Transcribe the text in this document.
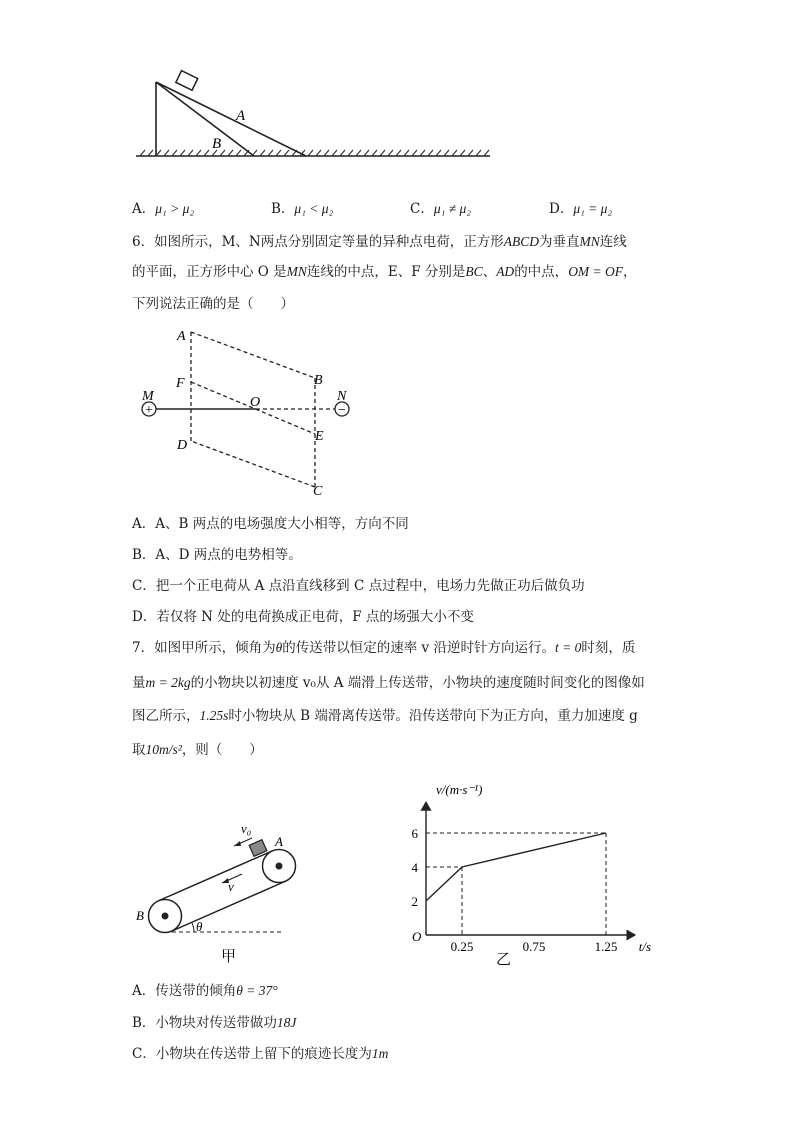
A
B
A．μ₁ > μ₂	B．μ₁ < μ₂	C．μ₁ ≠ μ₂	D．μ₁ = μ₂
6．如图所示，M、N两点分别固定等量的异种点电荷，正方形ABCD为垂直MN连线
的平面，正方形中心 O 是MN连线的中点，E、F 分别是BC、AD的中点，OM = OF，
下列说法正确的是（　　）
+	−
A
F
M	O
B
N
D
E
C
A．A、B 两点的电场强度大小相等，方向不同
B．A、D 两点的电势相等。
C．把一个正电荷从 A 点沿直线移到 C 点过程中，电场力先做正功后做负功
D．若仅将 N 处的电荷换成正电荷，F 点的场强大小不变
7．如图甲所示，倾角为θ的传送带以恒定的速率 v 沿逆时针方向运行。t = 0时刻，质
量m = 2kg的小物块以初速度 v₀从 A 端滑上传送带，小物块的速度随时间变化的图像如
图乙所示，1.25s时小物块从 B 端滑离传送带。沿传送带向下为正方向，重力加速度 g
取10m/s²，则（　　）
v₀
A
v
B
θ
甲
0.25	0.75	1.25
2
4
6
v/(m·s⁻¹)
t/s
O
乙
A．传送带的倾角θ = 37°
B．小物块对传送带做功18J
C．小物块在传送带上留下的痕迹长度为1m
